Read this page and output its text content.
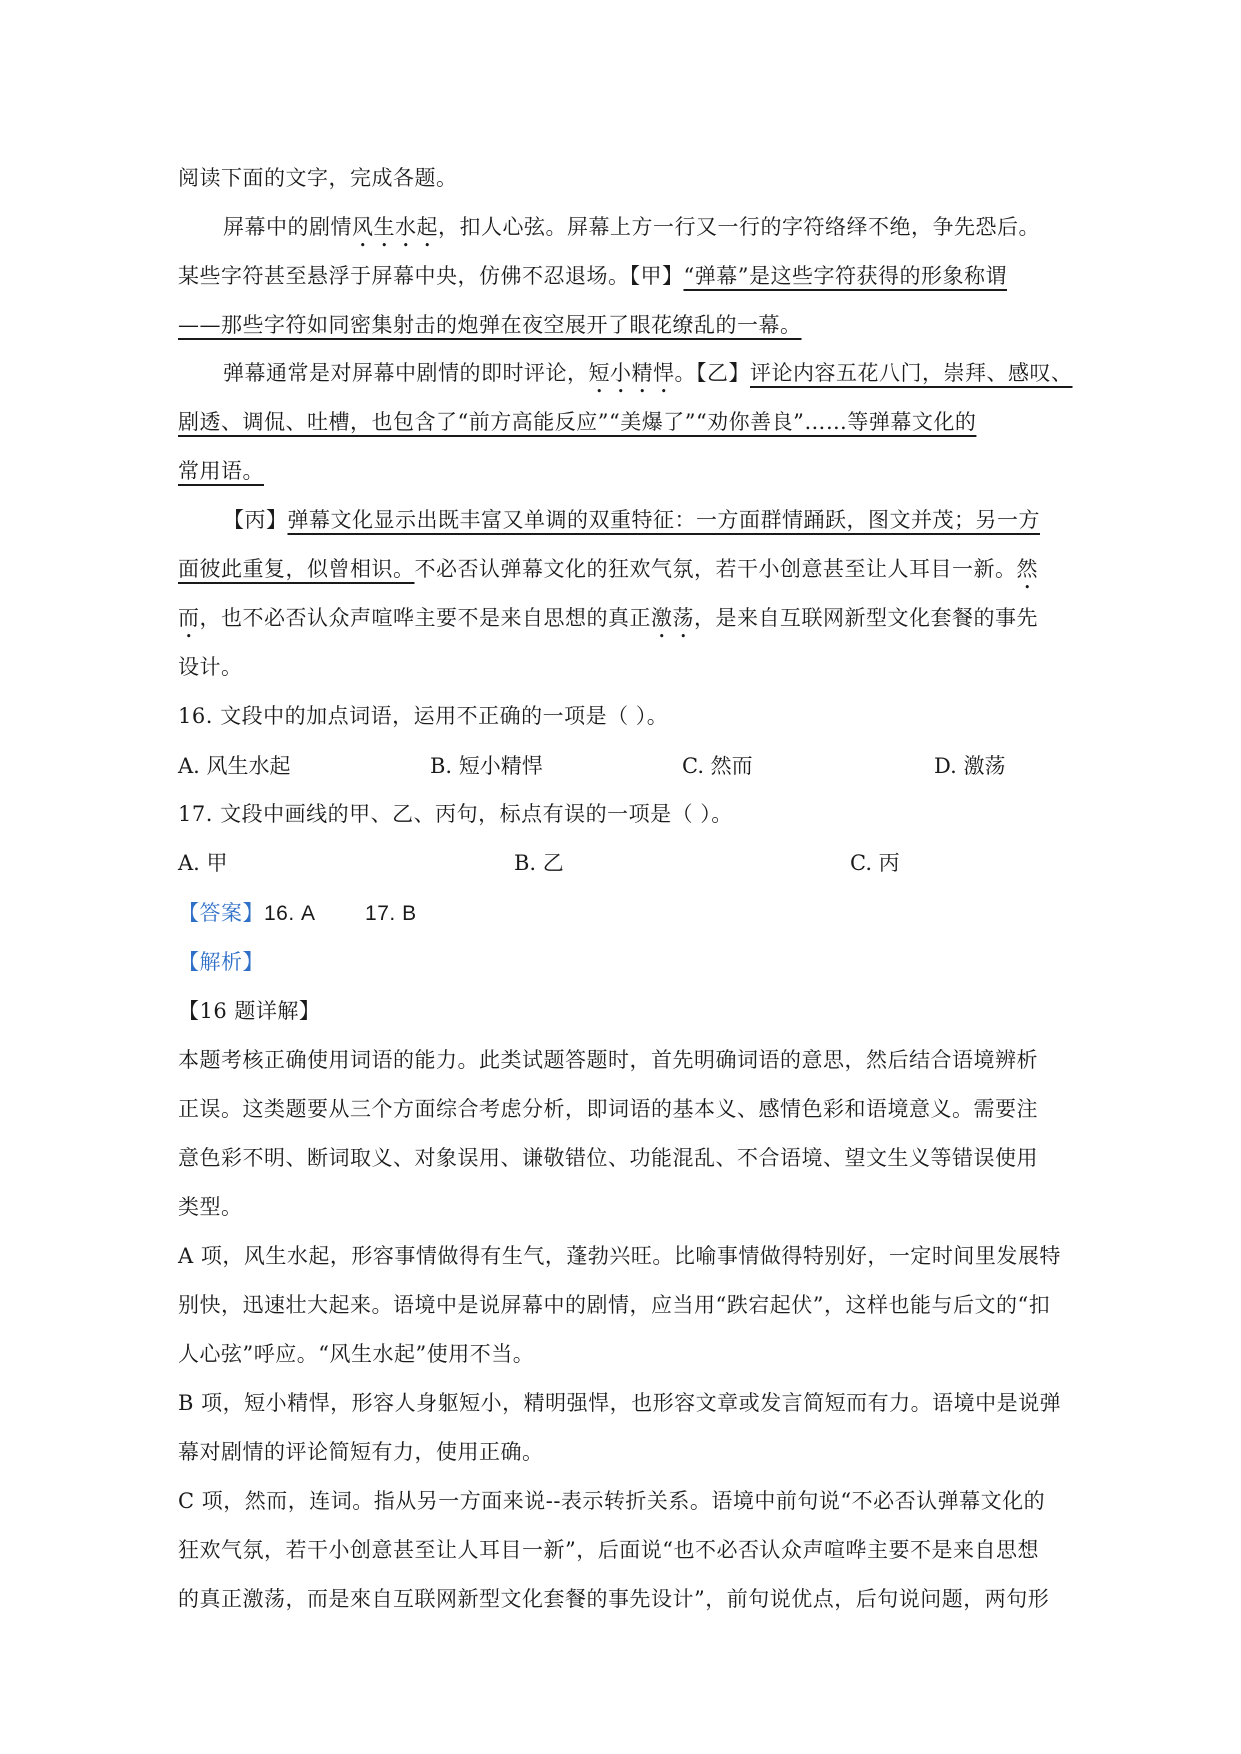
阅读下面的文字，完成各题。
屏幕中的剧情风生水起，扣人心弦。屏幕上方一行又一行的字符络绎不绝，争先恐后。
某些字符甚至悬浮于屏幕中央，仿佛不忍退场。【甲】“弹幕”是这些字符获得的形象称谓
——那些字符如同密集射击的炮弹在夜空展开了眼花缭乱的一幕。
弹幕通常是对屏幕中剧情的即时评论，短小精悍。【乙】评论内容五花八门，崇拜、感叹、
剧透、调侃、吐槽，也包含了“前方高能反应”“美爆了”“劝你善良”……等弹幕文化的
常用语。
【丙】弹幕文化显示出既丰富又单调的双重特征：一方面群情踊跃，图文并茂；另一方
面彼此重复，似曾相识。不必否认弹幕文化的狂欢气氛，若干小创意甚至让人耳目一新。然
而，也不必否认众声喧哗主要不是来自思想的真正激荡，是来自互联网新型文化套餐的事先
设计。
16. 文段中的加点词语，运用不正确的一项是（ ）。
A. 风生水起	B. 短小精悍	C. 然而	D. 激荡
17. 文段中画线的甲、乙、丙句，标点有误的一项是（ ）。
A. 甲	B. 乙	C. 丙
【答案】16. A        17. B
【解析】
【16 题详解】
本题考核正确使用词语的能力。此类试题答题时，首先明确词语的意思，然后结合语境辨析
正误。这类题要从三个方面综合考虑分析，即词语的基本义、感情色彩和语境意义。需要注
意色彩不明、断词取义、对象误用、谦敬错位、功能混乱、不合语境、望文生义等错误使用
类型。
A 项，风生水起，形容事情做得有生气，蓬勃兴旺。比喻事情做得特别好，一定时间里发展特
别快，迅速壮大起来。语境中是说屏幕中的剧情，应当用“跌宕起伏”，这样也能与后文的“扣
人心弦”呼应。“风生水起”使用不当。
B 项，短小精悍，形容人身躯短小，精明强悍，也形容文章或发言简短而有力。语境中是说弹
幕对剧情的评论简短有力，使用正确。
C 项，然而，连词。指从另一方面来说--表示转折关系。语境中前句说“不必否认弹幕文化的
狂欢气氛，若干小创意甚至让人耳目一新”，后面说“也不必否认众声喧哗主要不是来自思想
的真正激荡，而是來自互联网新型文化套餐的事先设计”，前句说优点，后句说问题，两句形
